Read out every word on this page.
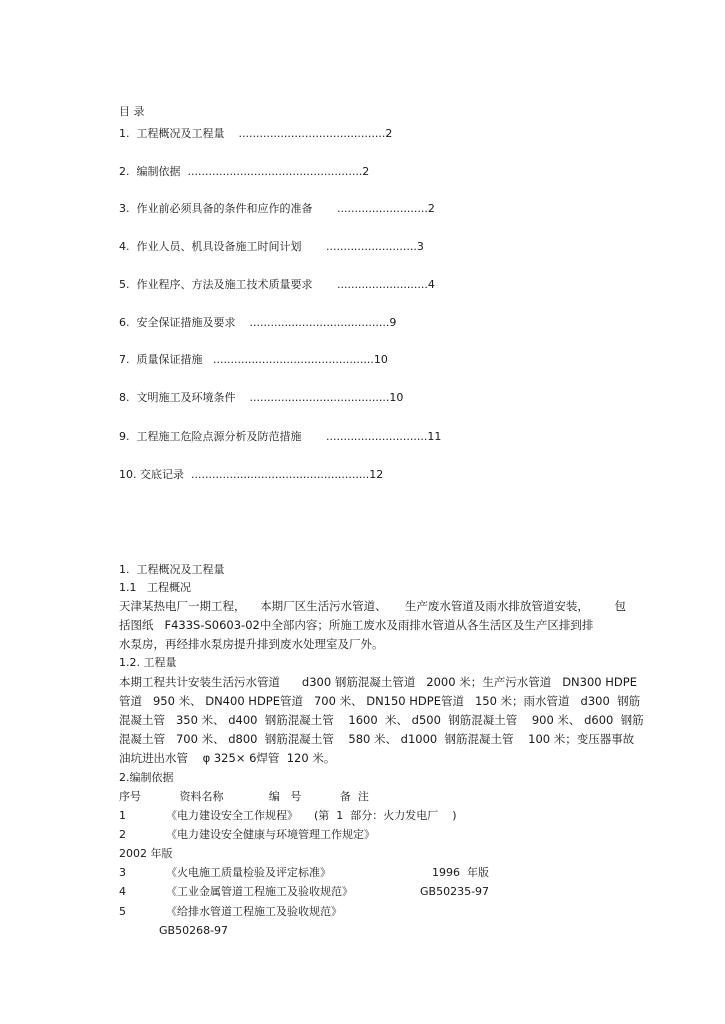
目 录
1.  工程概况及工程量    ..........................................2
2.  编制依据  ..................................................2
3.  作业前必须具备的条件和应作的准备       ..........................2
4.  作业人员、机具设备施工时间计划       ..........................3
5.  作业程序、方法及施工技术质量要求       ..........................4
6.  安全保证措施及要求    ........................................9
7.  质量保证措施   ..............................................10
8.  文明施工及环境条件    ........................................10
9.  工程施工危险点源分析及防范措施       .............................11
10. 交底记录  ...................................................12
1.  工程概况及工程量
1.1   工程概况
天津某热电厂一期工程，    本期厂区生活污水管道、     生产废水管道及雨水排放管道安装，       包
括图纸   F433S-S0603-02中全部内容；所施工废水及雨排水管道从各生活区及生产区排到排
水泵房，再经排水泵房提升排到废水处理室及厂外。
1.2. 工程量
本期工程共计安装生活污水管道      d300 钢筋混凝土管道   2000 米；生产污水管道   DN300 HDPE
管道   950 米、 DN400 HDPE管道   700 米、 DN150 HDPE管道   150 米；雨水管道   d300  钢筋
混凝土管   350 米、 d400  钢筋混凝土管    1600  米、 d500  钢筋混凝土管    900 米、 d600  钢筋
混凝土管   700 米、 d800  钢筋混凝土管    580 米、 d1000  钢筋混凝土管    100 米；变压器事故
油坑进出水管    φ 325× 6焊管  120 米。
2.编制依据
序号           资料名称             编   号           备  注
1	《电力建设安全工作规程》 (第  1  部分：火力发电厂    )
2	《电力建设安全健康与环境管理工作规定》
2002 年版
3	《火电施工质量检验及评定标准》	1996  年版
4	《工业金属管道工程施工及验收规范》	GB50235-97
5	《给排水管道工程施工及验收规范》
GB50268-97
